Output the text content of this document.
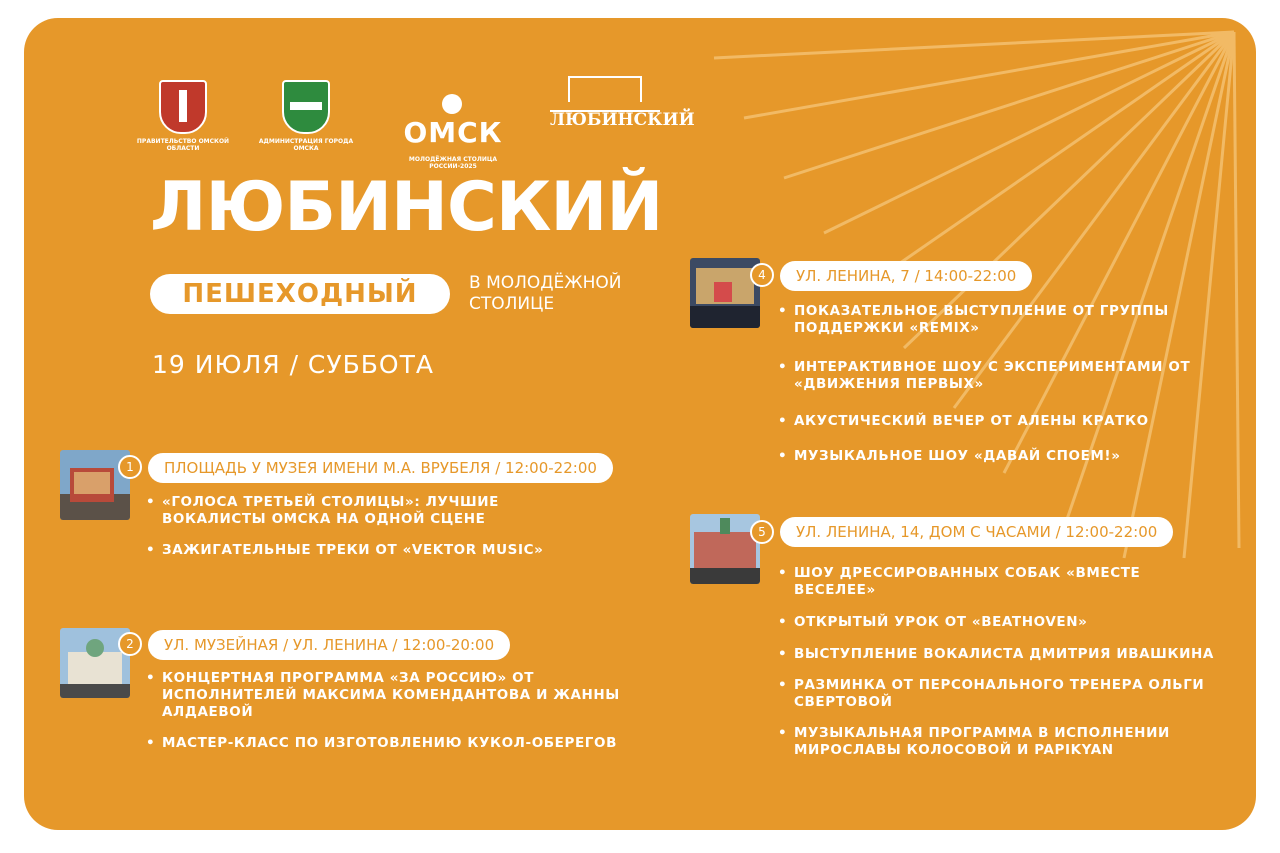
ПРАВИТЕЛЬСТВО ОМСКОЙ ОБЛАСТИ
АДМИНИСТРАЦИЯ ГОРОДА ОМСКА	ОМСК
МОЛОДЁЖНАЯ СТОЛИЦА РОССИИ-2025
ЛЮБИНСКИЙ
ЛЮБИНСКИЙ
ПЕШЕХОДНЫЙ	В МОЛОДЁЖНОЙ
СТОЛИЦЕ
19 ИЮЛЯ / СУББОТА
1	ПЛОЩАДЬ У МУЗЕЯ ИМЕНИ М.А. ВРУБЕЛЯ / 12:00-22:00
• «ГОЛОСА ТРЕТЬЕЙ СТОЛИЦЫ»: ЛУЧШИЕ ВОКАЛИСТЫ ОМСКА НА ОДНОЙ СЦЕНЕ
• ЗАЖИГАТЕЛЬНЫЕ ТРЕКИ ОТ «VEKTOR MUSIC»
2	УЛ. МУЗЕЙНАЯ / УЛ. ЛЕНИНА / 12:00-20:00
• КОНЦЕРТНАЯ ПРОГРАММА «ЗА РОССИЮ» ОТ ИСПОЛНИТЕЛЕЙ МАКСИМА КОМЕНДАНТОВА И ЖАННЫ АЛДАЕВОЙ
• МАСТЕР-КЛАСС ПО ИЗГОТОВЛЕНИЮ КУКОЛ-ОБЕРЕГОВ
4	УЛ. ЛЕНИНА, 7 / 14:00-22:00
• ПОКАЗАТЕЛЬНОЕ ВЫСТУПЛЕНИЕ ОТ ГРУППЫ ПОДДЕРЖКИ «REMIX»
• ИНТЕРАКТИВНОЕ ШОУ С ЭКСПЕРИМЕНТАМИ ОТ «ДВИЖЕНИЯ ПЕРВЫХ»
• АКУСТИЧЕСКИЙ ВЕЧЕР ОТ АЛЕНЫ КРАТКО
• МУЗЫКАЛЬНОЕ ШОУ «ДАВАЙ СПОЕМ!»
5	УЛ. ЛЕНИНА, 14, ДОМ С ЧАСАМИ / 12:00-22:00
• ШОУ ДРЕССИРОВАННЫХ СОБАК «ВМЕСТЕ ВЕСЕЛЕЕ»
• ОТКРЫТЫЙ УРОК ОТ «BEATHOVEN»
• ВЫСТУПЛЕНИЕ ВОКАЛИСТА ДМИТРИЯ ИВАШКИНА
• РАЗМИНКА ОТ ПЕРСОНАЛЬНОГО ТРЕНЕРА ОЛЬГИ СВЕРТОВОЙ
• МУЗЫКАЛЬНАЯ ПРОГРАММА В ИСПОЛНЕНИИ МИРОСЛАВЫ КОЛОСОВОЙ И PAPIKYAN
